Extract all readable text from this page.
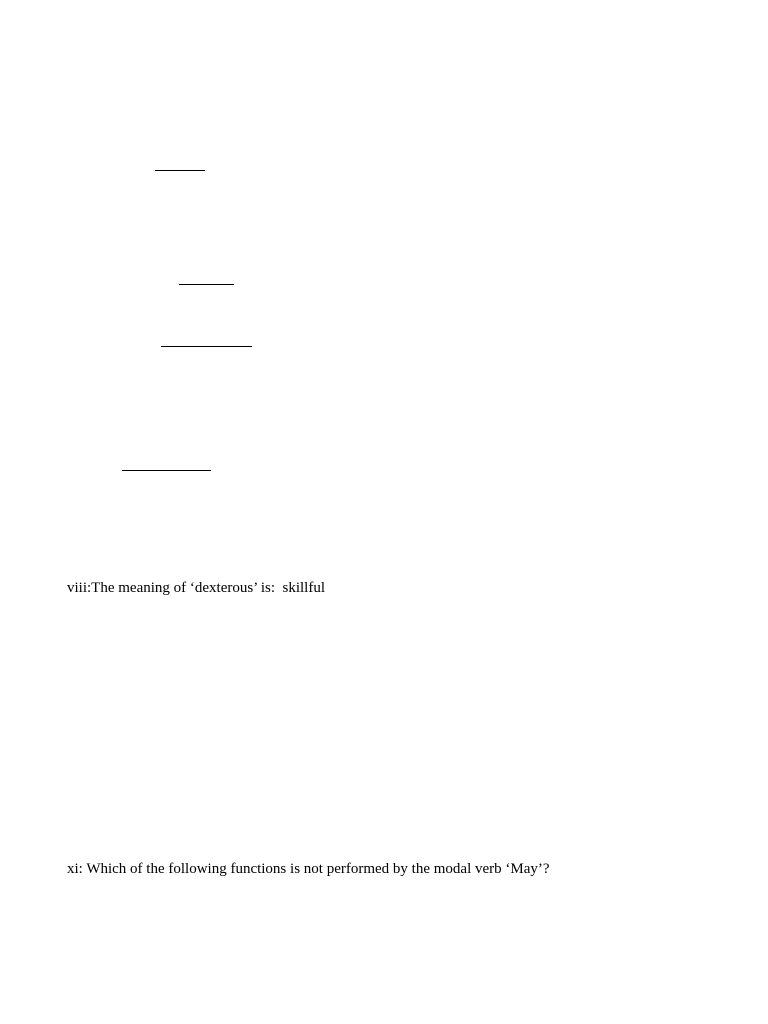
viii:The meaning of ‘dexterous’ is:  skillful
xi: Which of the following functions is not performed by the modal verb ‘May’?
